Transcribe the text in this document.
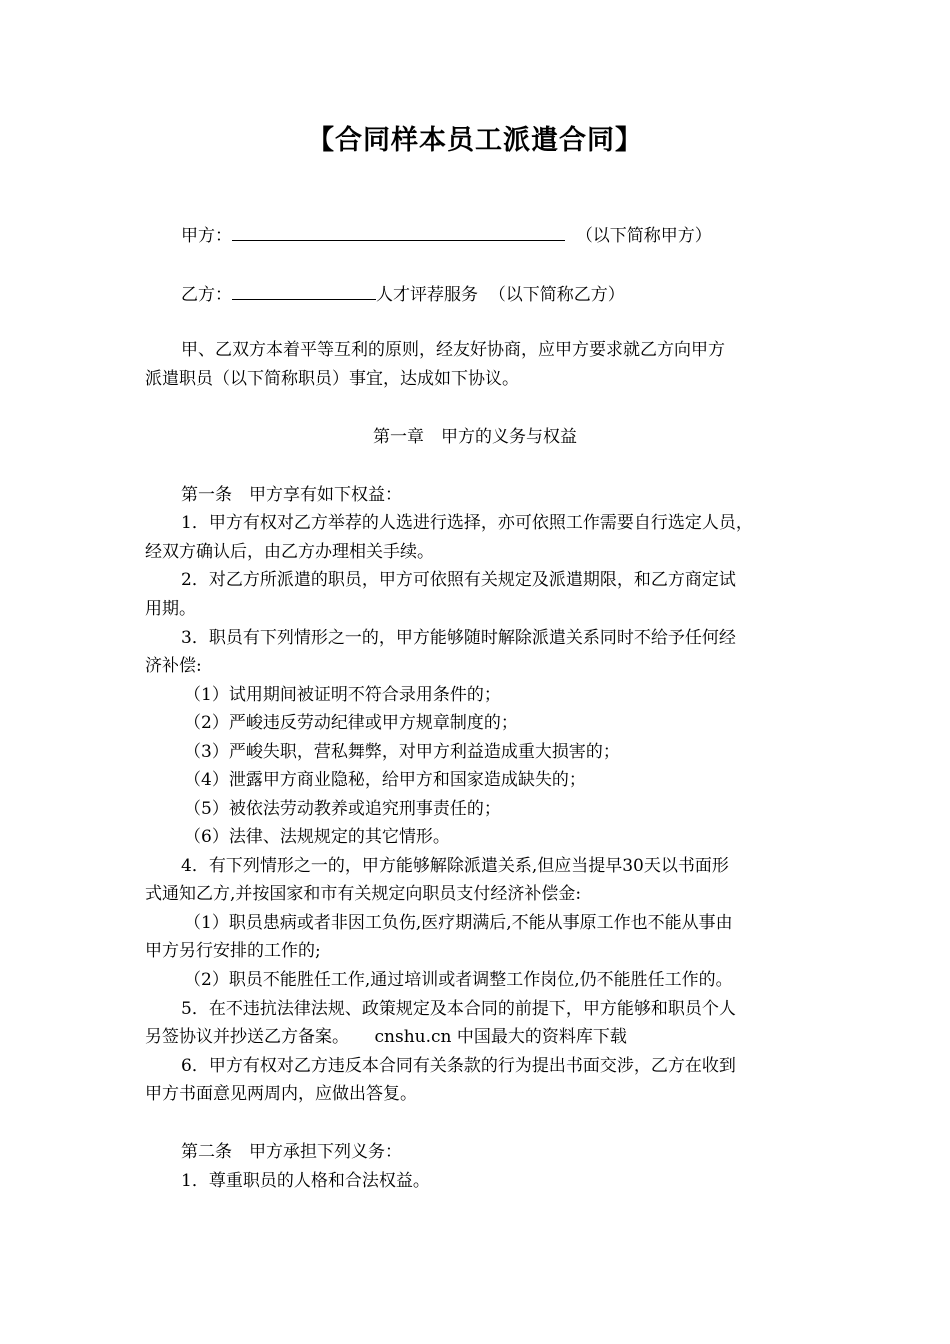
【合同样本员工派遣合同】
甲方：	（以下简称甲方）
乙方：	人才评荐服务 （以下简称乙方）
甲、乙双方本着平等互利的原则，经友好协商，应甲方要求就乙方向甲方
派遣职员（以下简称职员）事宜，达成如下协议。
第一章　甲方的义务与权益
第一条　甲方享有如下权益：
1．甲方有权对乙方举荐的人选进行选择，亦可依照工作需要自行选定人员，
经双方确认后，由乙方办理相关手续。
2．对乙方所派遣的职员，甲方可依照有关规定及派遣期限，和乙方商定试
用期。
3．职员有下列情形之一的，甲方能够随时解除派遣关系同时不给予任何经
济补偿:
（1）试用期间被证明不符合录用条件的；
（2）严峻违反劳动纪律或甲方规章制度的；
（3）严峻失职，营私舞弊，对甲方利益造成重大损害的；
（4）泄露甲方商业隐秘，给甲方和国家造成缺失的；
（5）被依法劳动教养或追究刑事责任的；
（6）法律、法规规定的其它情形。
4．有下列情形之一的，甲方能够解除派遣关系,但应当提早30天以书面形
式通知乙方,并按国家和市有关规定向职员支付经济补偿金:
（1）职员患病或者非因工负伤,医疗期满后,不能从事原工作也不能从事由
甲方另行安排的工作的;
（2）职员不能胜任工作,通过培训或者调整工作岗位,仍不能胜任工作的。
5．在不违抗法律法规、政策规定及本合同的前提下，甲方能够和职员个人
另签协议并抄送乙方备案。　　cnshu.cn 中国最大的资料库下载
6．甲方有权对乙方违反本合同有关条款的行为提出书面交涉，乙方在收到
甲方书面意见两周内，应做出答复。
第二条　甲方承担下列义务：
1．尊重职员的人格和合法权益。
